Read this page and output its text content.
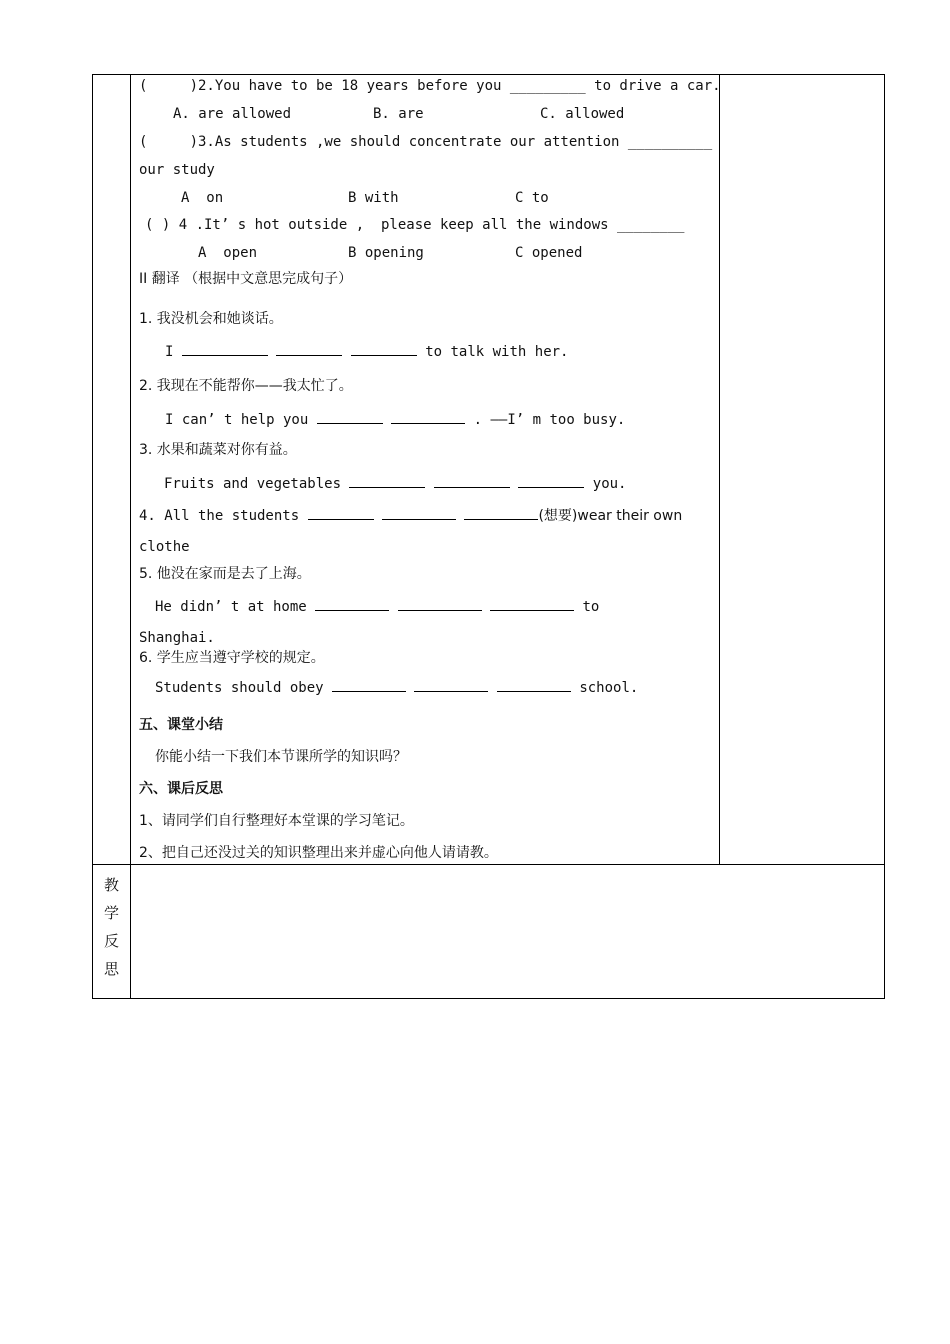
(     )2.You have to be 18 years before you _________ to drive a car.
A. are allowed	B. are	C. allowed
(     )3.As students ,we should concentrate our attention __________
our study
A  on	B with	C to
( ) 4 .It’ s hot outside ,  please keep all the windows ________
A  open	B opening	C opened
II 翻译 （根据中文意思完成句子）
1. 我没机会和她谈话。
I	to talk with her.
2. 我现在不能帮你——我太忙了。
I can’ t help you	. ——I’ m too busy.
3. 水果和蔬菜对你有益。
Fruits and vegetables	you.
4. All the students	(想要)wear their own
clothe
5. 他没在家而是去了上海。
He didn’ t at home	to
Shanghai.
6. 学生应当遵守学校的规定。
Students should obey	school.
五、课堂小结
你能小结一下我们本节课所学的知识吗？
六、课后反思
1、请同学们自行整理好本堂课的学习笔记。
2、把自己还没过关的知识整理出来并虚心向他人请请教。
教
学
反
思
